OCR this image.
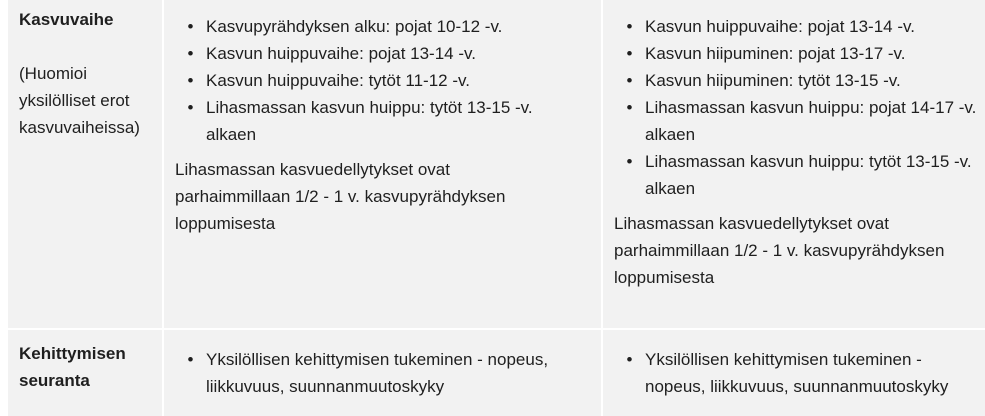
Kasvuvaihe
(Huomioi yksilölliset erot kasvuvaiheissa)
• Kasvupyrähdyksen alku: pojat 10-12 -v.
• Kasvun huippuvaihe: pojat 13-14 -v.
• Kasvun huippuvaihe: tytöt 11-12 -v.
• Lihasmassan kasvun huippu: tytöt 13-15 -v. alkaen
Lihasmassan kasvuedellytykset ovat parhaimmillaan 1/2 - 1 v. kasvupyrähdyksen loppumisesta
• Kasvun huippuvaihe: pojat 13-14 -v.
• Kasvun hiipuminen: pojat 13-17 -v.
• Kasvun hiipuminen: tytöt 13-15 -v.
• Lihasmassan kasvun huippu: pojat 14-17 -v. alkaen
• Lihasmassan kasvun huippu: tytöt 13-15 -v. alkaen
Lihasmassan kasvuedellytykset ovat parhaimmillaan 1/2 - 1 v. kasvupyrähdyksen loppumisesta
Kehittymisen seuranta
• Yksilöllisen kehittymisen tukeminen - nopeus, liikkuvuus, suunnanmuutoskyky
• Yksilöllisen kehittymisen tukeminen - nopeus, liikkuvuus, suunnanmuutoskyky
